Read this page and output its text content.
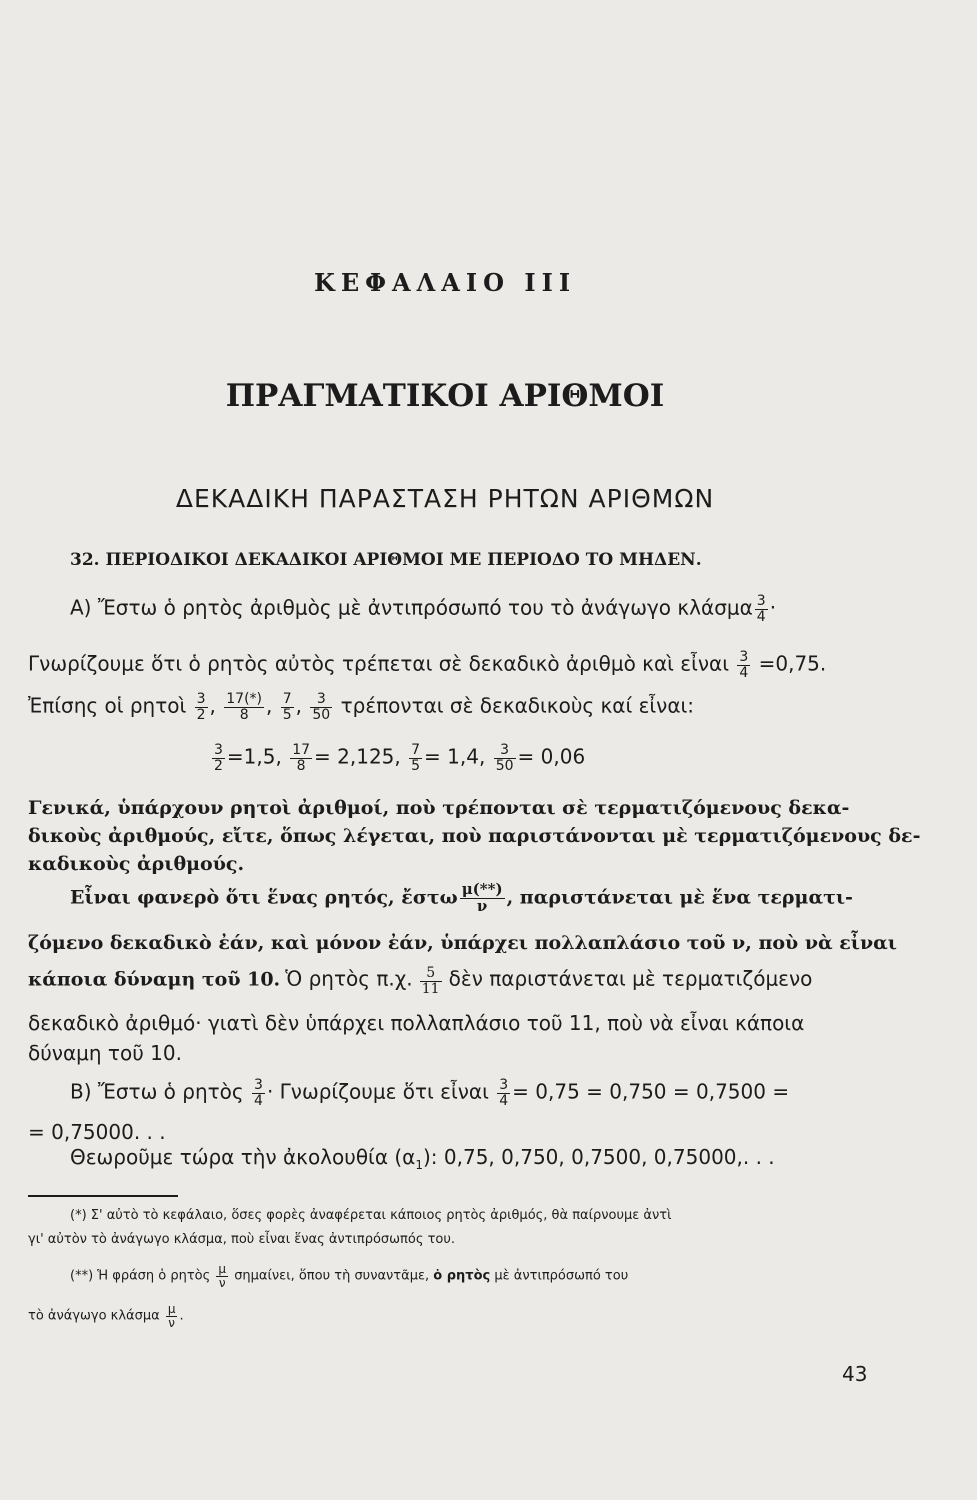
ΚΕΦΑΛΑΙΟ III
ΠΡΑΓΜΑΤΙΚΟΙ ΑΡΙΘΜΟΙ
ΔΕΚΑΔΙΚΗ ΠΑΡΑΣΤΑΣΗ ΡΗΤΩΝ ΑΡΙΘΜΩΝ
32. ΠΕΡΙΟΔΙΚΟΙ ΔΕΚΑΔΙΚΟΙ ΑΡΙΘΜΟΙ ΜΕ ΠΕΡΙΟΔΟ ΤΟ ΜΗΔΕΝ.
Α) Ἔστω ὁ ρητὸς ἀριθμὸς μὲ ἀντιπρόσωπό του τὸ ἀνάγωγο κλάσμα $\frac{3}{4}$ ·
Γνωρίζουμε ὅτι ὁ ρητὸς αὐτὸς τρέπεται σὲ δεκαδικὸ ἀριθμὸ καὶ εἶναι $\frac{3}{4} =0,75$.
Ἐπίσης οἱ ρητοὶ $\frac{3}{2}$ , $\frac{17(*)}{8}$ , $\frac{7}{5}$ , $\frac{3}{50}$ τρέπονται σὲ δεκαδικοὺς καί εἶναι:
$\frac{3}{2} =1,5$, $\frac{17}{8} = 2,125$, $\frac{7}{5} = 1,4$, $\frac{3}{50} = 0,06$
Γενικά, ὑπάρχουν ρητοὶ ἀριθμοί, ποὺ τρέπονται σὲ τερματιζόμενους δεκα-
δικοὺς ἀριθμούς, εἴτε, ὅπως λέγεται, ποὺ παριστάνονται μὲ τερματιζόμενους δε-
καδικοὺς ἀριθμούς.
Εἶναι φανερὸ ὅτι ἕνας ρητός, ἔστω $\frac{\mu(**)}{\nu}$ , παριστάνεται μὲ ἕνα τερματι-
ζόμενο δεκαδικὸ ἐάν, καὶ μόνον ἐάν, ὑπάρχει πολλαπλάσιο τοῦ ν, ποὺ νὰ εἶναι
κάποια δύναμη τοῦ 10. Ὁ ρητὸς π.χ. $\frac{5}{11}$ δὲν παριστάνεται μὲ τερματιζόμενο
δεκαδικὸ ἀριθμό· γιατὶ δὲν ὑπάρχει πολλαπλάσιο τοῦ 11, ποὺ νὰ εἶναι κάποια
δύναμη τοῦ 10.
Β) Ἔστω ὁ ρητὸς $\frac{3}{4} \cdot \Gamma\nu\omega\rho ί\zeta o\upsilon\mu\varepsilon$ ὅτι εἶναι $\frac{3}{4} = 0,75 = 0,750 = 0,7500$ =
= 0,75000. . .
Θεωροῦμε τώρα τὴν ἀκολουθία $(\alpha_1)$: 0,75, 0,750, 0,7500, 0,75000,. . .
(*) Σ' αὐτὸ τὸ κεφάλαιο, ὅσες φορὲς ἀναφέρεται κάποιος ρητὸς ἀριθμός, θὰ παίρνουμε ἀντὶ
γι' αὐτὸν τὸ ἀνάγωγο κλάσμα, ποὺ εἶναι ἕνας ἀντιπρόσωπός του.
(**) Ἡ φράση ὁ ρητὸς $\frac{\mu}{\nu} \sigma\eta\mu\alpha ί\nu\varepsilon\iota$, ὅπου τὴ συναντᾶμε, ὁ ρητὸς μὲ ἀντιπρόσωπό του
τὸ ἀνάγωγο κλάσμα $\frac{\mu}{\nu}$ .
43
